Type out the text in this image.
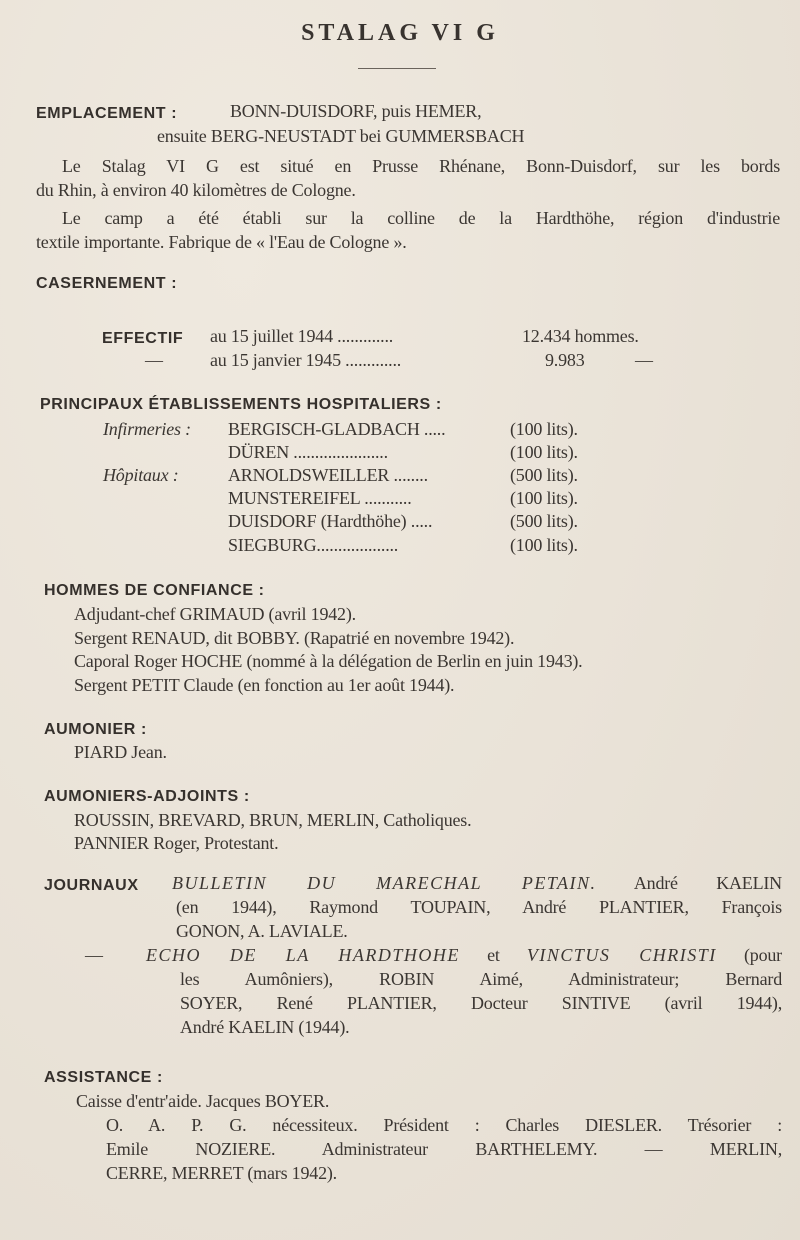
STALAG VI G
EMPLACEMENT :	BONN-DUISDORF, puis HEMER,
ensuite BERG-NEUSTADT bei GUMMERSBACH
Le Stalag VI G est situé en Prusse Rhénane, Bonn-Duisdorf, sur les bords
du Rhin, à environ 40 kilomètres de Cologne.
Le camp a été établi sur la colline de la Hardthöhe, région d'industrie
textile importante. Fabrique de « l'Eau de Cologne ».
CASERNEMENT :
EFFECTIF au 15 juillet 1944 .............	12.434 hommes.
—	au 15 janvier 1945 .............	9.983	—
PRINCIPAUX ÉTABLISSEMENTS HOSPITALIERS :
Infirmeries : BERGISCH-GLADBACH .....	(100 lits).
DÜREN ......................	(100 lits).
Hôpitaux :	ARNOLDSWEILLER ........	(500 lits).
MUNSTEREIFEL ...........	(100 lits).
DUISDORF (Hardthöhe) .....	(500 lits).
SIEGBURG...................	(100 lits).
HOMMES DE CONFIANCE :
Adjudant-chef GRIMAUD (avril 1942).
Sergent RENAUD, dit BOBBY. (Rapatrié en novembre 1942).
Caporal Roger HOCHE (nommé à la délégation de Berlin en juin 1943).
Sergent PETIT Claude (en fonction au 1er août 1944).
AUMONIER :
PIARD Jean.
AUMONIERS-ADJOINTS :
ROUSSIN, BREVARD, BRUN, MERLIN, Catholiques.
PANNIER Roger, Protestant.
JOURNAUX BULLETIN DU MARECHAL PETAIN. André KAELIN
(en 1944), Raymond TOUPAIN, André PLANTIER, François
GONON, A. LAVIALE.
— ECHO DE LA HARDTHOHE et VINCTUS CHRISTI (pour
les Aumôniers), ROBIN Aimé, Administrateur; Bernard
SOYER, René PLANTIER, Docteur SINTIVE (avril 1944),
André KAELIN (1944).
ASSISTANCE :
Caisse d'entr'aide. Jacques BOYER.
O. A. P. G. nécessiteux. Président : Charles DIESLER. Trésorier :
Emile NOZIERE. Administrateur BARTHELEMY. — MERLIN,
CERRE, MERRET (mars 1942).
